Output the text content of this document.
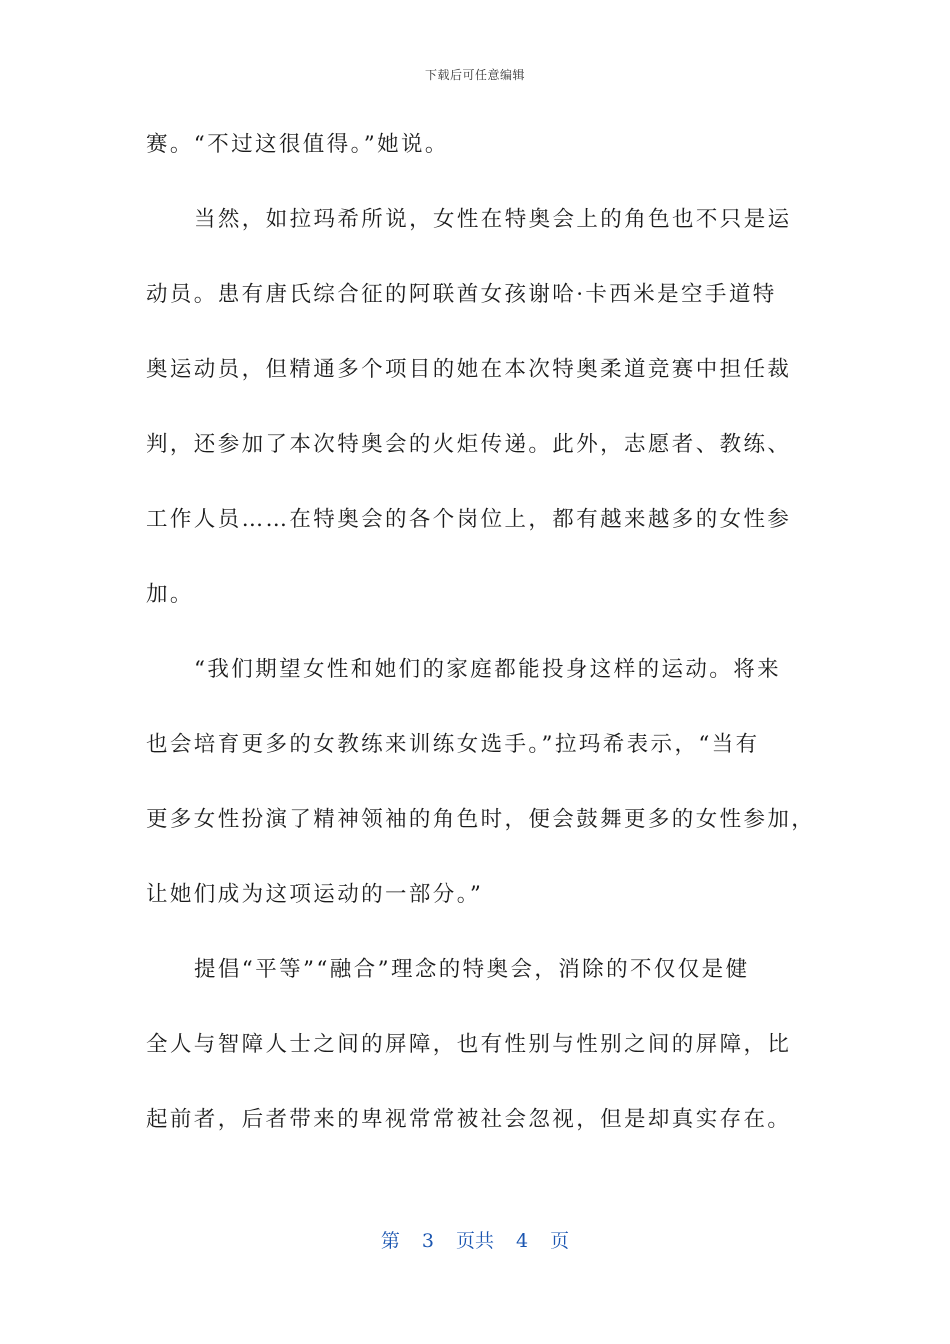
下载后可任意编辑
赛。“不过这很值得。”她说。
当然，如拉玛希所说，女性在特奥会上的角色也不只是运
动员。患有唐氏综合征的阿联酋女孩谢哈·卡西米是空手道特
奥运动员，但精通多个项目的她在本次特奥柔道竞赛中担任裁
判，还参加了本次特奥会的火炬传递。此外，志愿者、教练、
工作人员……在特奥会的各个岗位上，都有越来越多的女性参
加。
“我们期望女性和她们的家庭都能投身这样的运动。将来
也会培育更多的女教练来训练女选手。”拉玛希表示，“当有
更多女性扮演了精神领袖的角色时，便会鼓舞更多的女性参加，
让她们成为这项运动的一部分。”
提倡“平等”“融合”理念的特奥会，消除的不仅仅是健
全人与智障人士之间的屏障，也有性别与性别之间的屏障，比
起前者，后者带来的卑视常常被社会忽视，但是却真实存在。
第 3 页共 4 页
